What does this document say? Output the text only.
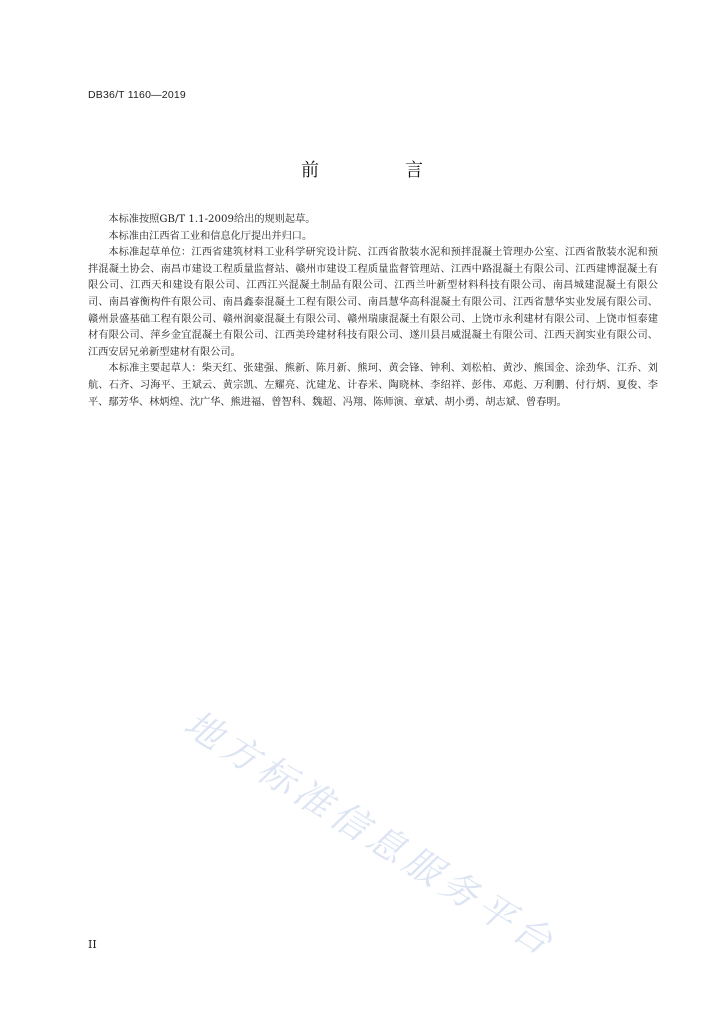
DB36/T 1160—2019
前　言

本标准按照GB/T 1.1-2009给出的规则起草。

本标准由江西省工业和信息化厅提出并归口。

本标准起草单位：江西省建筑材料工业科学研究设计院、江西省散装水泥和预拌混凝土管理办公室、江西省散装水泥和预拌混凝土协会、南昌市建设工程质量监督站、赣州市建设工程质量监督管理站、江西中路混凝土有限公司、江西建博混凝土有限公司、江西天和建设有限公司、江西江兴混凝土制品有限公司、江西兰叶新型材料科技有限公司、南昌城建混凝土有限公司、南昌睿衡构件有限公司、南昌鑫泰混凝土工程有限公司、南昌慧华高科混凝土有限公司、江西省慧华实业发展有限公司、赣州景盛基础工程有限公司、赣州润豪混凝土有限公司、赣州瑞康混凝土有限公司、上饶市永利建材有限公司、上饶市恒泰建材有限公司、萍乡金宜混凝土有限公司、江西美玲建材科技有限公司、遂川县吕威混凝土有限公司、江西天润实业有限公司、江西安居兄弟新型建材有限公司。

本标准主要起草人：柴天红、张建强、熊新、陈月新、熊珂、黄会锋、钟利、刘松柏、黄沙、熊国金、涂劲华、江乔、刘航、石齐、习海平、王斌云、黄宗凯、左耀亮、沈建龙、计春米、陶晓林、李绍祥、彭伟、邓彪、万利鹏、付行炳、夏俊、李平、鄢芳华、林炳煌、沈广华、熊进福、曾智科、魏超、冯翔、陈师演、章斌、胡小勇、胡志斌、曾春明。

地方标准信息服务平台
II
